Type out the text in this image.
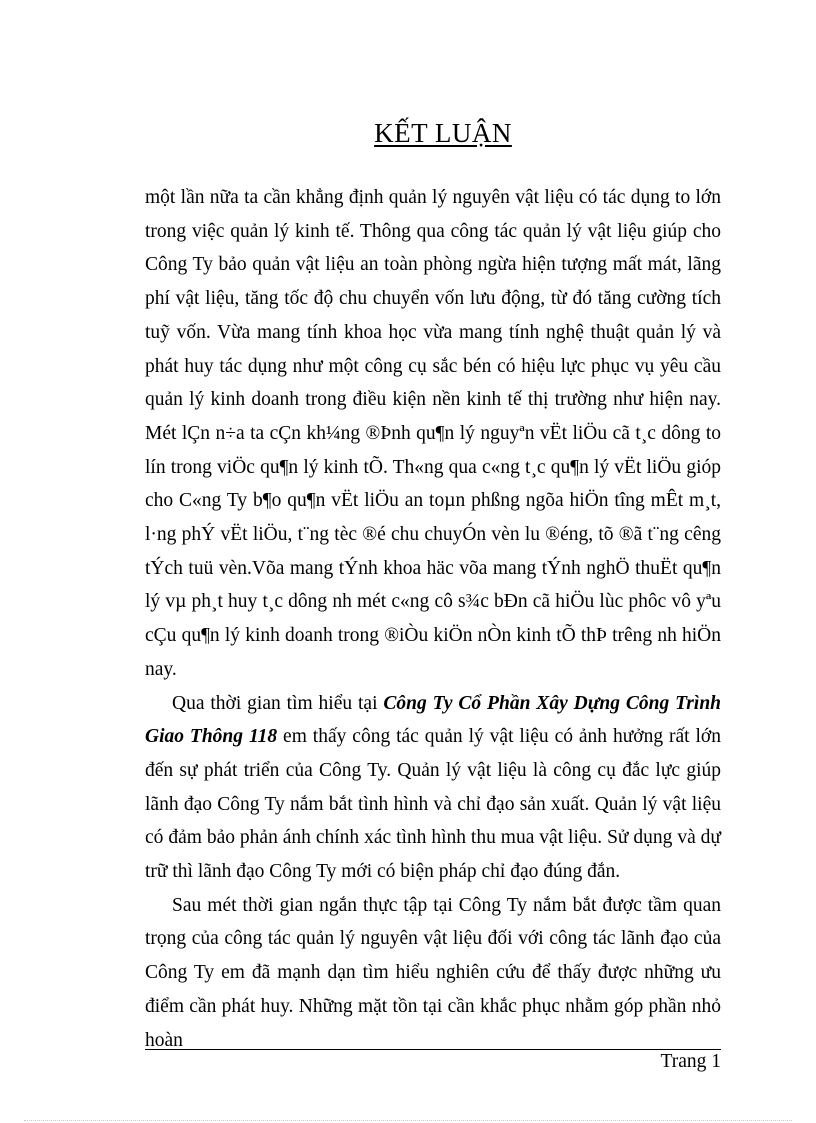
KẾT LUẬN

một lần nữa ta cần khẳng định quản lý nguyên vật liệu có tác dụng to lớn trong việc quản lý kinh tế. Thông qua công tác quản lý vật liệu giúp cho Công Ty bảo quản vật liệu an toàn phòng ngừa hiện tượng mất mát, lãng phí vật liệu, tăng tốc độ chu chuyển vốn lưu động, từ đó tăng cường tích tuỹ vốn. Vừa mang tính khoa học vừa mang tính nghệ thuật quản lý và phát huy tác dụng như một công cụ sắc bén có hiệu lực phục vụ yêu cầu quản lý kinh doanh trong điều kiện nền kinh tế thị trường như hiện nay. Mét lÇn n÷a ta cÇn kh¼ng ®Þnh qu¶n lý nguyªn vËt liÖu cã t¸c dông to lín trong viÖc qu¶n lý kinh tÕ. Th«ng qua c«ng t¸c qu¶n lý vËt liÖu gióp cho C«ng Ty b¶o qu¶n vËt liÖu an toµn phßng ngõa hiÖn tîng mÊt m¸t, l·ng phÝ vËt liÖu, t¨ng tèc ®é chu chuyÓn vèn lu ®éng, tõ ®ã t¨ng cêng tÝch tuü vèn.Võa mang tÝnh khoa häc võa mang tÝnh nghÖ thuËt qu¶n lý vµ ph¸t huy t¸c dông nh mét c«ng cô s¾c bÐn cã hiÖu lùc phôc vô yªu cÇu qu¶n lý kinh doanh trong ®iÒu kiÖn nÒn kinh tÕ thÞ trêng nh hiÖn nay.

Qua thời gian tìm hiểu tại Công Ty Cổ Phần Xây Dựng Công Trình Giao Thông 118 em thấy công tác quản lý vật liệu có ảnh hưởng rất lớn đến sự phát triển của Công Ty. Quản lý vật liệu là công cụ đắc lực giúp lãnh đạo Công Ty nắm bắt tình hình và chỉ đạo sản xuất. Quản lý vật liệu có đảm bảo phản ánh chính xác tình hình thu mua vật liệu. Sử dụng và dự trữ thì lãnh đạo Công Ty mới có biện pháp chỉ đạo đúng đắn.

Sau mét thời gian ngắn thực tập tại Công Ty nắm bắt được tầm quan trọng của công tác quản lý nguyên vật liệu đối với công tác lãnh đạo của Công Ty em đã mạnh dạn tìm hiểu nghiên cứu để thấy được những ưu điểm cần phát huy. Những mặt tồn tại cần khắc phục nhằm góp phần nhỏ hoàn

Trang 1
